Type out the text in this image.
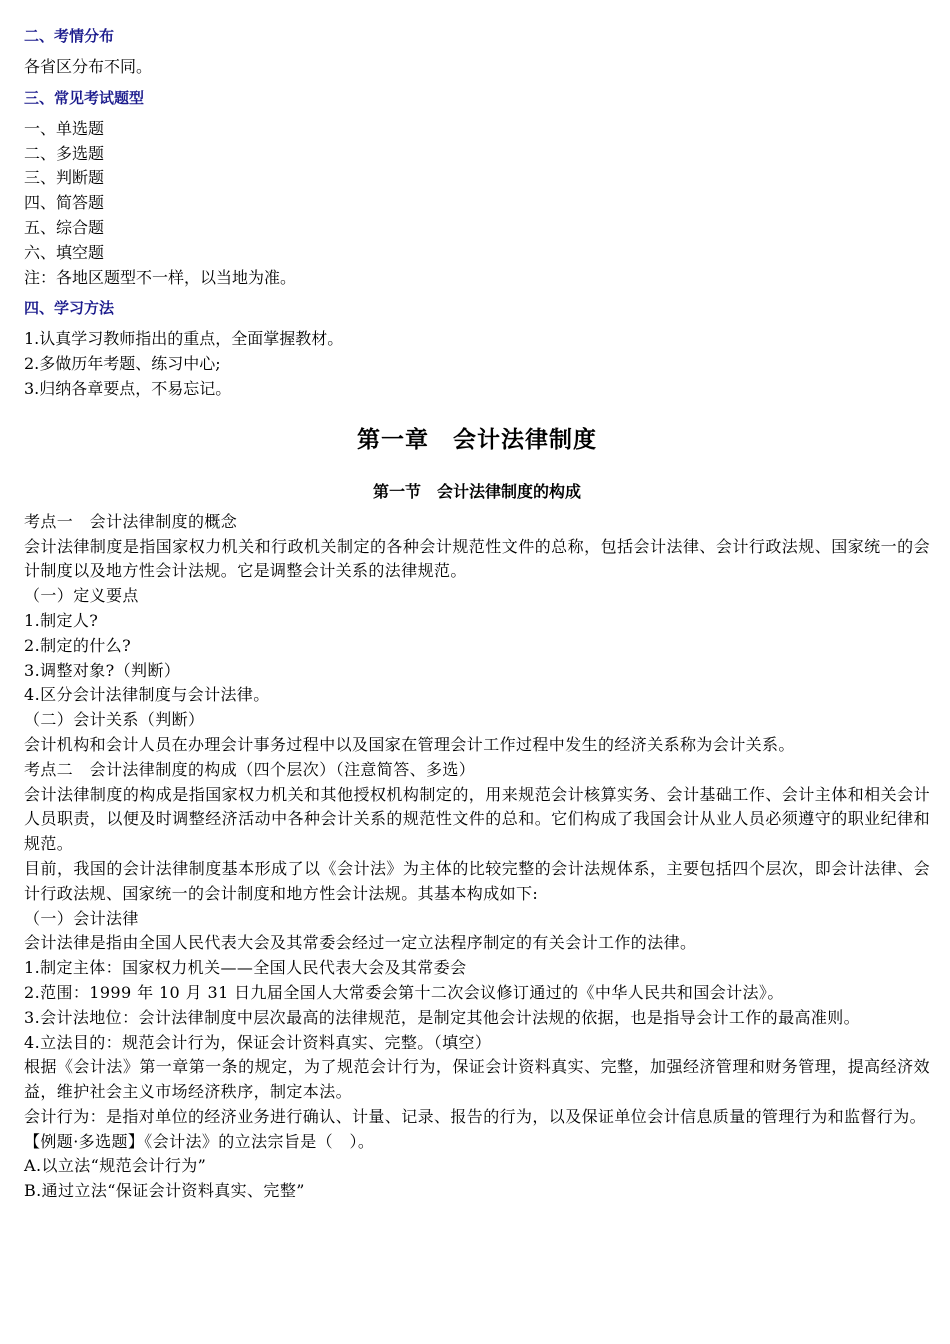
二、考情分布

各省区分布不同。

三、常见考试题型

一、单选题

二、多选题

三、判断题

四、简答题

五、综合题

六、填空题

注：各地区题型不一样，以当地为准。

四、学习方法

1.认真学习教师指出的重点，全面掌握教材。

2.多做历年考题、练习中心;

3.归纳各章要点，不易忘记。

第一章　会计法律制度
第一节　会计法律制度的构成

考点一　会计法律制度的概念

会计法律制度是指国家权力机关和行政机关制定的各种会计规范性文件的总称，包括会计法律、会计行政法规、国家统一的会计制度以及地方性会计法规。它是调整会计关系的法律规范。

（一）定义要点

1.制定人?

2.制定的什么?

3.调整对象?（判断）

4.区分会计法律制度与会计法律。

（二）会计关系（判断）

会计机构和会计人员在办理会计事务过程中以及国家在管理会计工作过程中发生的经济关系称为会计关系。

考点二　会计法律制度的构成（四个层次）（注意简答、多选）

会计法律制度的构成是指国家权力机关和其他授权机构制定的，用来规范会计核算实务、会计基础工作、会计主体和相关会计人员职责，以便及时调整经济活动中各种会计关系的规范性文件的总和。它们构成了我国会计从业人员必须遵守的职业纪律和规范。

目前，我国的会计法律制度基本形成了以《会计法》为主体的比较完整的会计法规体系，主要包括四个层次，即会计法律、会计行政法规、国家统一的会计制度和地方性会计法规。其基本构成如下:

（一）会计法律

会计法律是指由全国人民代表大会及其常委会经过一定立法程序制定的有关会计工作的法律。

1.制定主体：国家权力机关——全国人民代表大会及其常委会

2.范围：1999 年 10 月 31 日九届全国人大常委会第十二次会议修订通过的《中华人民共和国会计法》。

3.会计法地位：会计法律制度中层次最高的法律规范，是制定其他会计法规的依据，也是指导会计工作的最高准则。

4.立法目的：规范会计行为，保证会计资料真实、完整。（填空）

根据《会计法》第一章第一条的规定，为了规范会计行为，保证会计资料真实、完整，加强经济管理和财务管理，提高经济效益，维护社会主义市场经济秩序，制定本法。

会计行为：是指对单位的经济业务进行确认、计量、记录、报告的行为，以及保证单位会计信息质量的管理行为和监督行为。

【例题·多选题】《会计法》的立法宗旨是（　）。

A.以立法“规范会计行为”

B.通过立法“保证会计资料真实、完整”
